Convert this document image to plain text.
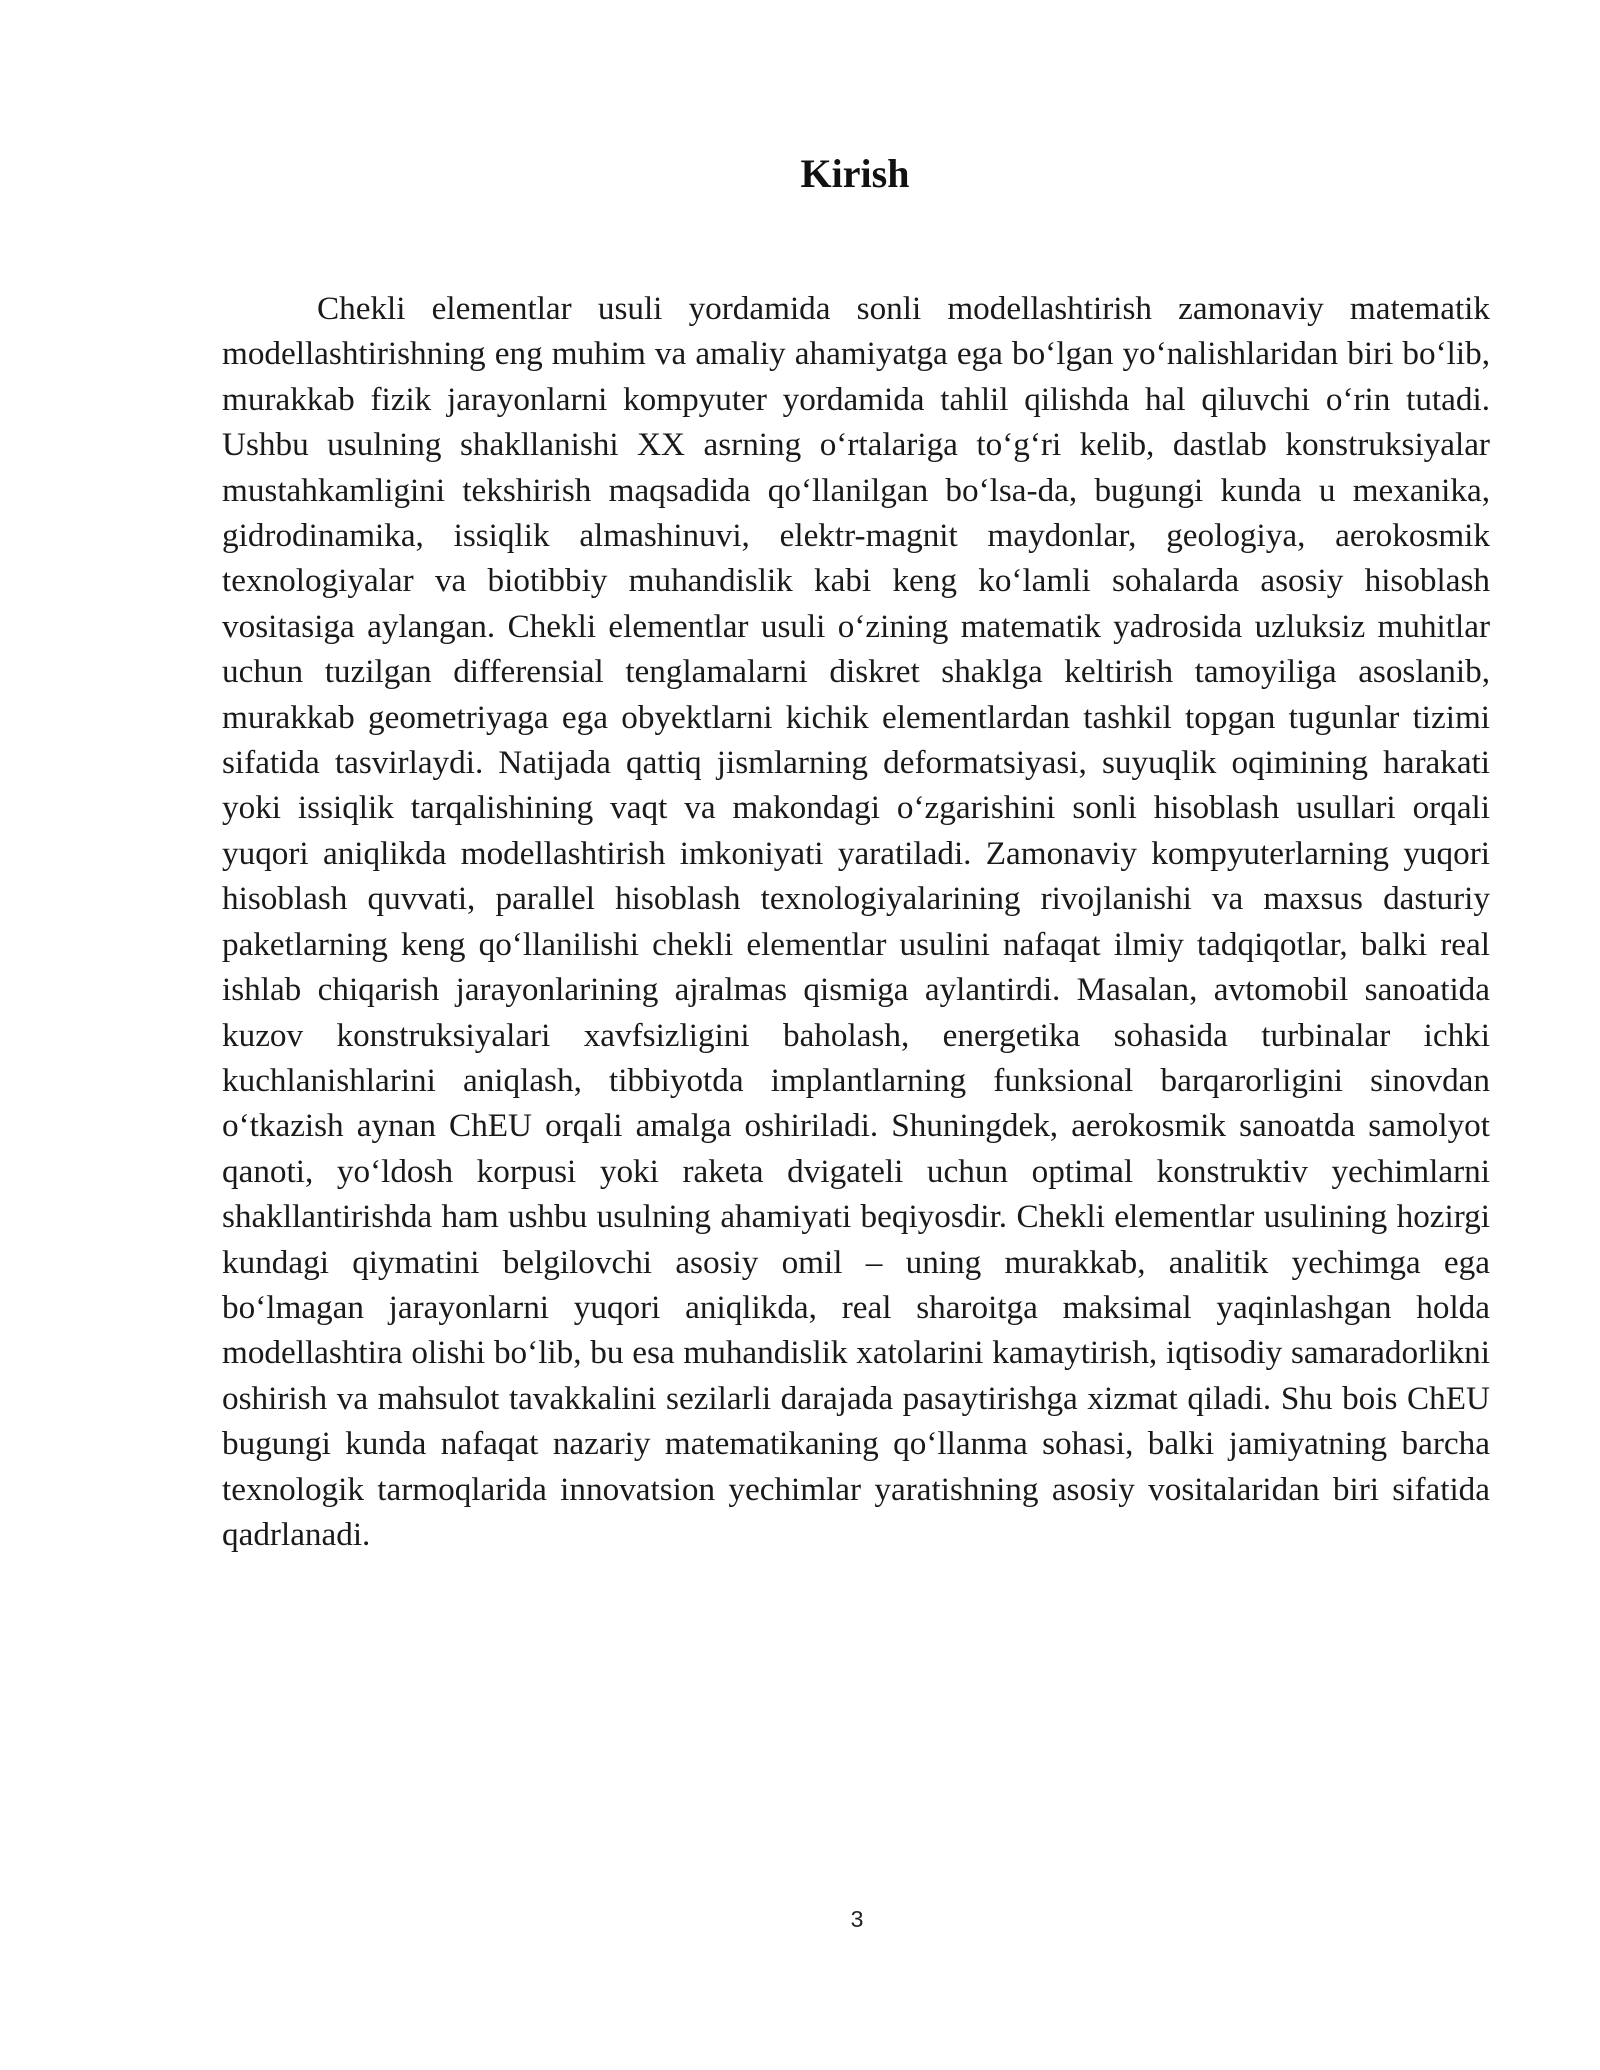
Kirish

Chekli elementlar usuli yordamida sonli modellashtirish zamonaviy matematik modellashtirishning eng muhim va amaliy ahamiyatga ega bo‘lgan yo‘nalishlaridan biri bo‘lib, murakkab fizik jarayonlarni kompyuter yordamida tahlil qilishda hal qiluvchi o‘rin tutadi. Ushbu usulning shakllanishi XX asrning o‘rtalariga to‘g‘ri kelib, dastlab konstruksiyalar mustahkamligini tekshirish maqsadida qo‘llanilgan bo‘lsa-da, bugungi kunda u mexanika, gidrodinamika, issiqlik almashinuvi, elektr-magnit maydonlar, geologiya, aerokosmik texnologiyalar va biotibbiy muhandislik kabi keng ko‘lamli sohalarda asosiy hisoblash vositasiga aylangan. Chekli elementlar usuli o‘zining matematik yadrosida uzluksiz muhitlar uchun tuzilgan differensial tenglamalarni diskret shaklga keltirish tamoyiliga asoslanib, murakkab geometriyaga ega obyektlarni kichik elementlardan tashkil topgan tugunlar tizimi sifatida tasvirlaydi. Natijada qattiq jismlarning deformatsiyasi, suyuqlik oqimining harakati yoki issiqlik tarqalishining vaqt va makondagi o‘zgarishini sonli hisoblash usullari orqali yuqori aniqlikda modellashtirish imkoniyati yaratiladi. Zamonaviy kompyuterlarning yuqori hisoblash quvvati, parallel hisoblash texnologiyalarining rivojlanishi va maxsus dasturiy paketlarning keng qo‘llanilishi chekli elementlar usulini nafaqat ilmiy tadqiqotlar, balki real ishlab chiqarish jarayonlarining ajralmas qismiga aylantirdi. Masalan, avtomobil sanoatida kuzov konstruksiyalari xavfsizligini baholash, energetika sohasida turbinalar ichki kuchlanishlarini aniqlash, tibbiyotda implantlarning funksional barqarorligini sinovdan o‘tkazish aynan ChEU orqali amalga oshiriladi. Shuningdek, aerokosmik sanoatda samolyot qanoti, yo‘ldosh korpusi yoki raketa dvigateli uchun optimal konstruktiv yechimlarni shakllantirishda ham ushbu usulning ahamiyati beqiyosdir. Chekli elementlar usulining hozirgi kundagi qiymatini belgilovchi asosiy omil – uning murakkab, analitik yechimga ega bo‘lmagan jarayonlarni yuqori aniqlikda, real sharoitga maksimal yaqinlashgan holda modellashtira olishi bo‘lib, bu esa muhandislik xatolarini kamaytirish, iqtisodiy samaradorlikni oshirish va mahsulot tavakkalini sezilarli darajada pasaytirishga xizmat qiladi. Shu bois ChEU bugungi kunda nafaqat nazariy matematikaning qo‘llanma sohasi, balki jamiyatning barcha texnologik tarmoqlarida innovatsion yechimlar yaratishning asosiy vositalaridan biri sifatida qadrlanadi.

3
